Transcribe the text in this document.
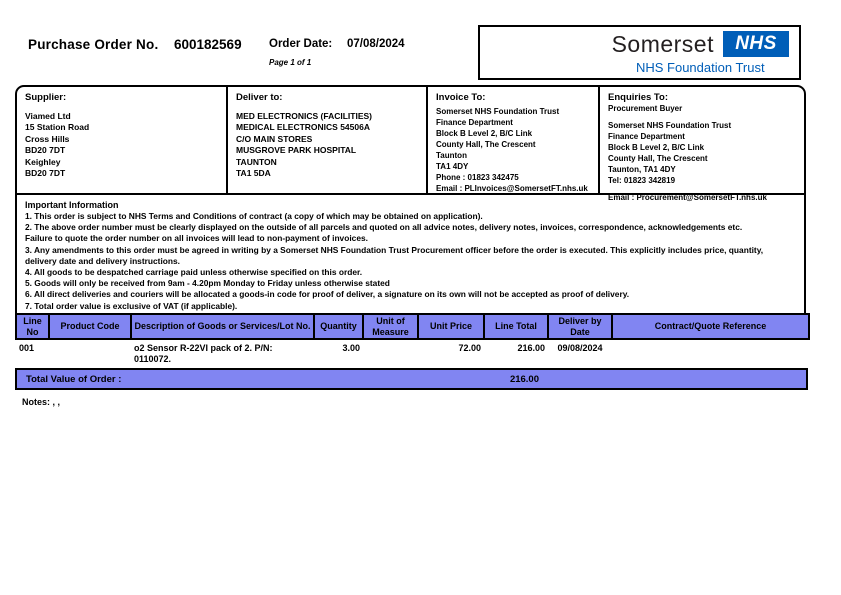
Purchase Order No. 600182569 Order Date: 07/08/2024
Page 1 of 1
Somerset	NHS
NHS Foundation Trust
Supplier:
Viamed Ltd
15 Station Road
Cross Hills
BD20 7DT
Keighley
BD20 7DT
Deliver to:
MED ELECTRONICS (FACILITIES)
MEDICAL ELECTRONICS 54506A
C/O MAIN STORES
MUSGROVE PARK HOSPITAL
TAUNTON
TA1 5DA
Invoice To:
Somerset NHS Foundation Trust
Finance Department
Block B Level 2, B/C Link
County Hall, The Crescent
Taunton
TA1 4DY
Phone : 01823 342475
Email : PLInvoices@SomersetFT.nhs.uk
Enquiries To:
Procurement Buyer
Somerset NHS Foundation Trust
Finance Department
Block B Level 2, B/C Link
County Hall, The Crescent
Taunton, TA1 4DY
Tel: 01823 342819
Email : Procurement@SomersetFT.nhs.uk
Important Information
1. This order is subject to NHS Terms and Conditions of contract (a copy of which may be obtained on application).
2. The above order number must be clearly displayed on the outside of all parcels and quoted on all advice notes, delivery notes, invoices, correspondence, acknowledgements etc.
Failure to quote the order number on all invoices will lead to non-payment of invoices.
3. Any amendments to this order must be agreed in writing by a Somerset NHS Foundation Trust Procurement officer before the order is executed. This explicitly includes price, quantity,
delivery date and delivery instructions.
4. All goods to be despatched carriage paid unless otherwise specified on this order.
5. Goods will only be received from 9am - 4.20pm Monday to Friday unless otherwise stated
6. All direct deliveries and couriers will be allocated a goods-in code for proof of deliver, a signature on its own will not be accepted as proof of delivery.
7. Total order value is exclusive of VAT (if applicable).
Line No	Product Code	Description of Goods or Services/Lot No.	Quantity	Unit of Measure	Unit Price	Line Total	Deliver by Date	Contract/Quote Reference
001		o2 Sensor R-22VI pack of 2. P/N: 0110072.	3.00		72.00	216.00	09/08/2024	
Total Value of Order :	216.00
Notes: , ,
